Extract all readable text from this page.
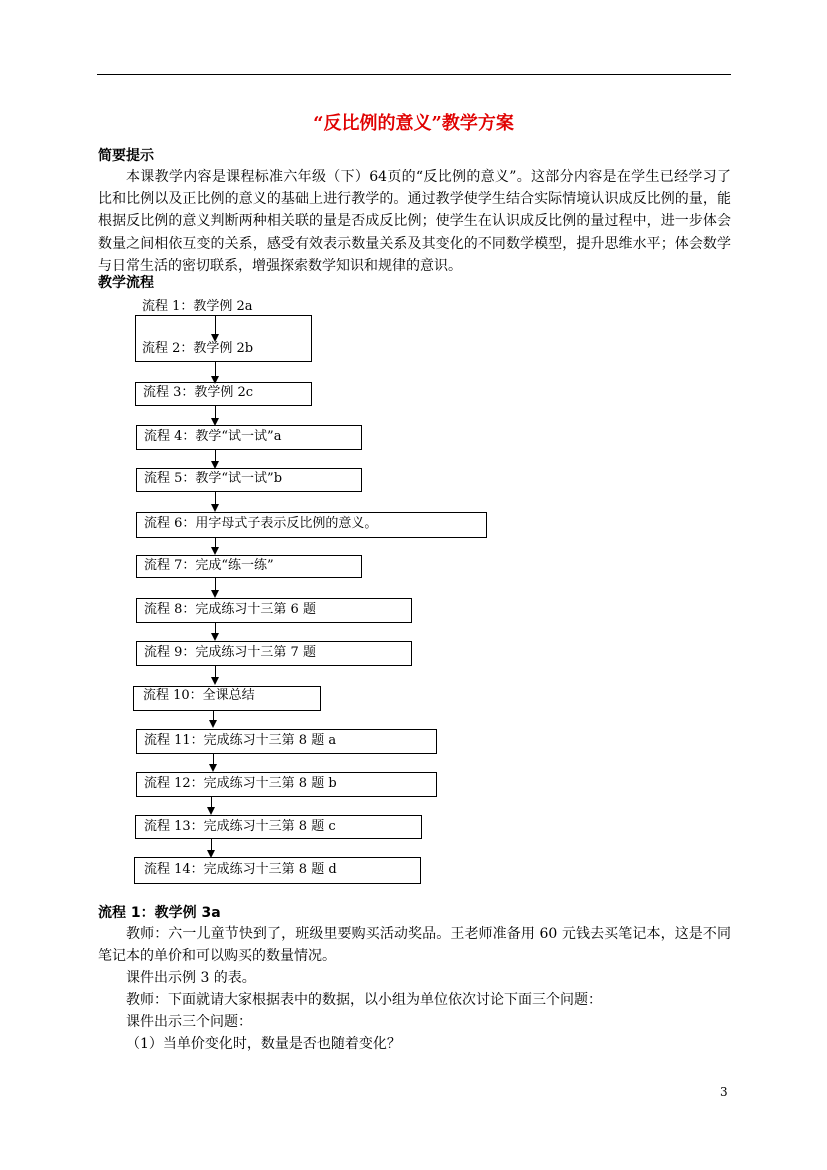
“反比例的意义”教学方案
简要提示

本课教学内容是课程标准六年级（下）64页的“反比例的意义”。这部分内容是在学生已经学习了比和比例以及正比例的意义的基础上进行教学的。通过教学使学生结合实际情境认识成反比例的量，能根据反比例的意义判断两种相关联的量是否成反比例；使学生在认识成反比例的量过程中，进一步体会数量之间相依互变的关系，感受有效表示数量关系及其变化的不同数学模型，提升思维水平；体会数学与日常生活的密切联系，增强探索数学知识和规律的意识。

教学流程
流程 1：教学例 2a
流程 2：教学例 2b
流程 3：教学例 2c
流程 4：教学“试一试”a
流程 5：教学“试一试”b
流程 6：用字母式子表示反比例的意义。
流程 7：完成“练一练”
流程 8：完成练习十三第 6 题
流程 9：完成练习十三第 7 题
流程 10：全课总结
流程 11：完成练习十三第 8 题 a
流程 12：完成练习十三第 8 题 b
流程 13：完成练习十三第 8 题 c
流程 14：完成练习十三第 8 题 d
流程 1：教学例 3a

教师：六一儿童节快到了，班级里要购买活动奖品。王老师准备用 60 元钱去买笔记本，这是不同笔记本的单价和可以购买的数量情况。

课件出示例 3 的表。
教师：下面就请大家根据表中的数据，以小组为单位依次讨论下面三个问题：
课件出示三个问题：
（1）当单价变化时，数量是否也随着变化？
3
